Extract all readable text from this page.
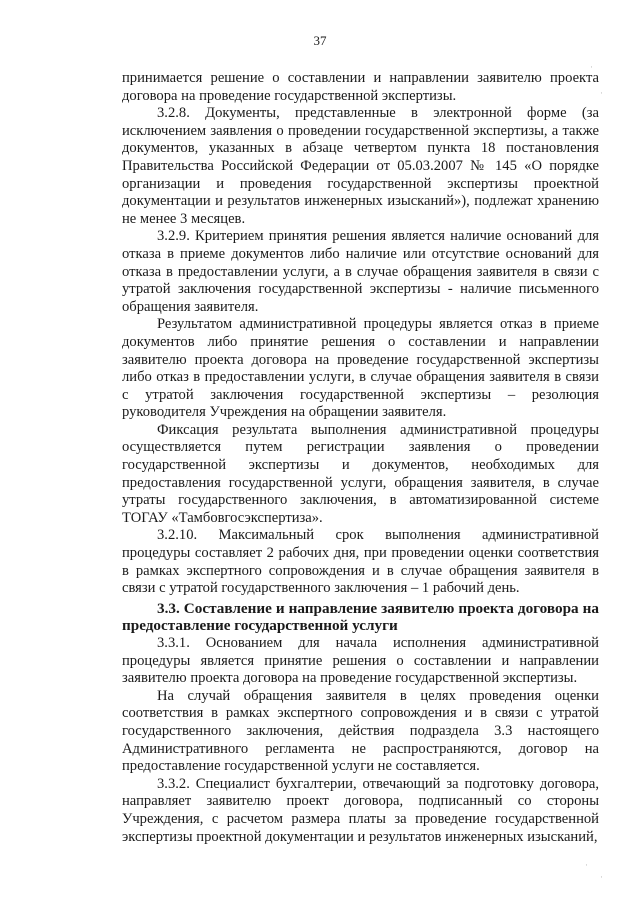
37

принимается решение о составлении и направлении заявителю проекта договора на проведение государственной экспертизы.

3.2.8. Документы, представленные в электронной форме (за исключением заявления о проведении государственной экспертизы, а также документов, указанных в абзаце четвертом пункта 18 постановления Правительства Российской Федерации от 05.03.2007 № 145 «О порядке организации и проведения государственной экспертизы проектной документации и результатов инженерных изысканий»), подлежат хранению не менее 3 месяцев.

3.2.9. Критерием принятия решения является наличие оснований для отказа в приеме документов либо наличие или отсутствие оснований для отказа в предоставлении услуги, а в случае обращения заявителя в связи с утратой заключения государственной экспертизы - наличие письменного обращения заявителя.

Результатом административной процедуры является отказ в приеме документов либо принятие решения о составлении и направлении заявителю проекта договора на проведение государственной экспертизы либо отказ в предоставлении услуги, в случае обращения заявителя в связи с утратой заключения государственной экспертизы – резолюция руководителя Учреждения на обращении заявителя.

Фиксация результата выполнения административной процедуры осуществляется путем регистрации заявления о проведении государственной экспертизы и документов, необходимых для предоставления государственной услуги, обращения заявителя, в случае утраты государственного заключения, в автоматизированной системе ТОГАУ «Тамбовгосэкспертиза».

3.2.10. Максимальный срок выполнения административной процедуры составляет 2 рабочих дня, при проведении оценки соответствия в рамках экспертного сопровождения и в случае обращения заявителя в связи с утратой государственного заключения – 1 рабочий день.

3.3. Составление и направление заявителю проекта договора на предоставление государственной услуги

3.3.1. Основанием для начала исполнения административной процедуры является принятие решения о составлении и направлении заявителю проекта договора на проведение государственной экспертизы.

На случай обращения заявителя в целях проведения оценки соответствия в рамках экспертного сопровождения и в связи с утратой государственного заключения, действия подраздела 3.3 настоящего Административного регламента не распространяются, договор на предоставление государственной услуги не составляется.

3.3.2. Специалист бухгалтерии, отвечающий за подготовку договора, направляет заявителю проект договора, подписанный со стороны Учреждения, с расчетом размера платы за проведение государственной экспертизы проектной документации и результатов инженерных изысканий,

·
·
·
·
